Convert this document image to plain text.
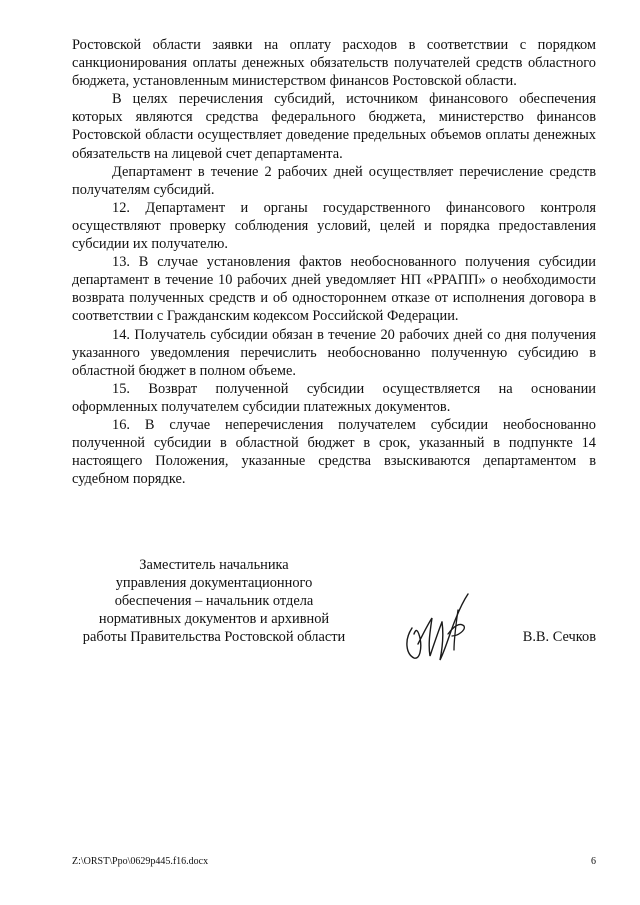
Ростовской области заявки на оплату расходов в соответствии с порядком санкционирования оплаты денежных обязательств получателей средств областного бюджета, установленным министерством финансов Ростовской области.

В целях перечисления субсидий, источником финансового обеспечения которых являются средства федерального бюджета, министерство финансов Ростовской области осуществляет доведение предельных объемов оплаты денежных обязательств на лицевой счет департамента.

Департамент в течение 2 рабочих дней осуществляет перечисление средств получателям субсидий.

12. Департамент и органы государственного финансового контроля осуществляют проверку соблюдения условий, целей и порядка предоставления субсидии их получателю.

13. В случае установления фактов необоснованного получения субсидии департамент в течение 10 рабочих дней уведомляет НП «РРАПП» о необходимости возврата полученных средств и об одностороннем отказе от исполнения договора в соответствии с Гражданским кодексом Российской Федерации.

14. Получатель субсидии обязан в течение 20 рабочих дней со дня получения указанного уведомления перечислить необоснованно полученную субсидию в областной бюджет в полном объеме.

15. Возврат полученной субсидии осуществляется на основании оформленных получателем субсидии платежных документов.

16. В случае неперечисления получателем субсидии необоснованно полученной субсидии в областной бюджет в срок, указанный в подпункте 14 настоящего Положения, указанные средства взыскиваются департаментом в судебном порядке.

Заместитель начальника
управления документационного
обеспечения – начальник отдела
нормативных документов и архивной
работы Правительства Ростовской области	В.В. Сечков
Z:\ORST\Ppo\0629p445.f16.docx	6
